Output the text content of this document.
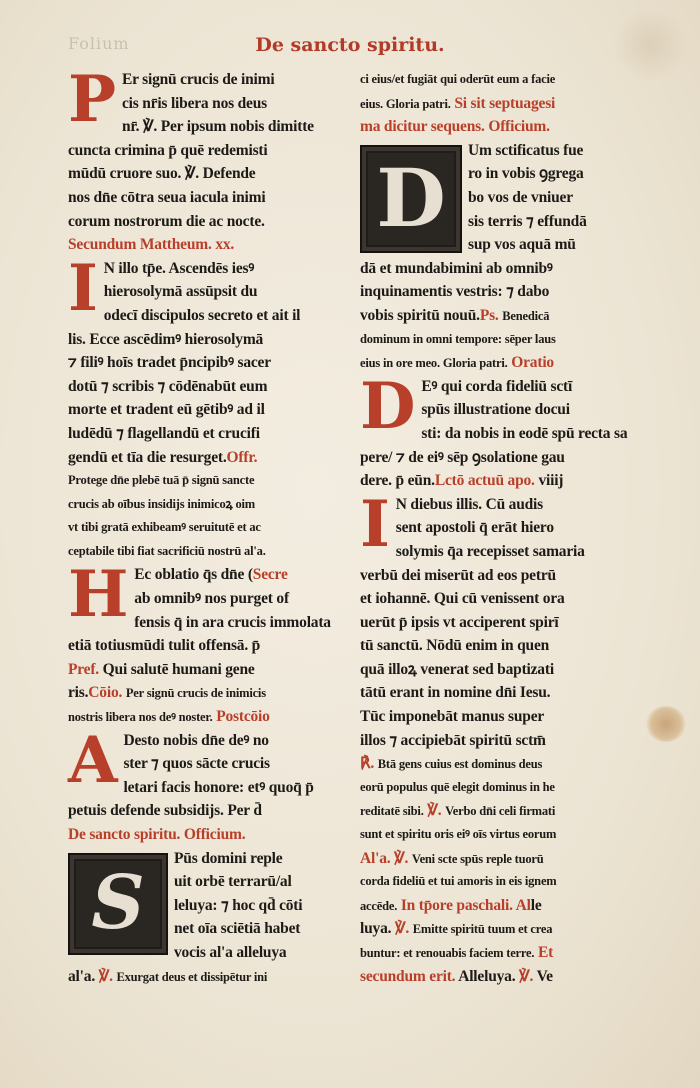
Folium	De sancto spiritu.
P Er signū crucis de inimi
cis nr̄is libera nos deus
nr̄. ℣. Per ipsum nobis dimitte
cuncta crimina p̄ quē redemisti
mūdū cruore suo. ℣. Defende
nos dn̄e cōtra seua iacula inimi
corum nostrorum die ac nocte.
Secundum Mattheum. xx.
I N illo tp̄e. Ascendēs iesꝰ
hierosolymā assūpsit du
odecī discipulos secreto et ait il
lis. Ecce ascēdimꝰ hierosolymā
⁊ filiꝰ hoīs tradet p̄ncipibꝰ sacer
dotū ⁊ scribis ⁊ cōdēnabūt eum
morte et tradent eū gētibꝰ ad il
ludēdū ⁊ flagellandū et crucifi
gendū et tīa die resurget.Offr.
Protege dn̄e plebē tuā p̄ signū sancte
crucis ab oībus insidijs inimicoꝝ oim
vt tibi gratā exhibeamꝰ seruitutē et ac
ceptabile tibi fiat sacrificiū nostrū al'a.
H Ec oblatio q̄s dn̄e (Secre
ab omnibꝰ nos purget of
fensis q̄ in ara crucis immolata
etiā totiusmūdi tulit offensā. p̄
Pref. Qui salutē humani gene
ris.Cōio. Per signū crucis de inimicis
nostris libera nos deꝰ noster. Postcōio
A Desto nobis dn̄e deꝰ no
ster ⁊ quos sācte crucis
letari facis honore: etꝰ quoq̄ p̄
petuis defende subsidijs. Per d̄
De sancto spiritu. Officium.
S
Pūs domini reple
uit orbē terrarū/al
leluya: ⁊ hoc qd̄ cōti
net oīa sciētiā habet
vocis al'a alleluya
al'a. ℣. Exurgat deus et dissipētur ini
ci eius/et fugiāt qui oderūt eum a facie
eius. Gloria patri. Si sit septuagesi
ma dicitur sequens. Officium.
D
Um sctificatus fue
ro in vobis ꝯgrega
bo vos de vniuer
sis terris ⁊ effundā
sup vos aquā mū
dā et mundabimini ab omnibꝰ
inquinamentis vestris: ⁊ dabo
vobis spiritū nouū.Ps. Benedicā
dominum in omni tempore: sēper laus
eius in ore meo. Gloria patri. Oratio
D Eꝰ qui corda fideliū sctī
spūs illustratione docui
sti: da nobis in eodē spū recta sa
pere/ ⁊ de eiꝰ sēp ꝯsolatione gau
dere. p̄ eūn.Lctō actuū apo. viiij
I N diebus illis. Cū audis
sent apostoli q̄ erāt hiero
solymis q̄a recepisset samaria
verbū dei miserūt ad eos petrū
et iohannē. Qui cū venissent ora
uerūt p̄ ipsis vt acciperent spirī
tū sanctū. Nōdū enim in quen
quā illoꝝ venerat sed baptizati
tātū erant in nomine dn̄i Iesu.
Tūc imponebāt manus super
illos ⁊ accipiebāt spiritū sctm̄
℟. Btā gens cuius est dominus deus
eorū populus quē elegit dominus in he
reditatē sibi. ℣. Verbo dn̄i celi firmati
sunt et spiritu oris eiꝰ oīs virtus eorum
Al'a. ℣. Veni scte spūs reple tuorū
corda fideliū et tui amoris in eis ignem
accēde. In tp̄ore paschali. Alle
luya. ℣. Emitte spiritū tuum et crea
buntur: et renouabis faciem terre. Et
secundum erit. Alleluya. ℣. Ve
